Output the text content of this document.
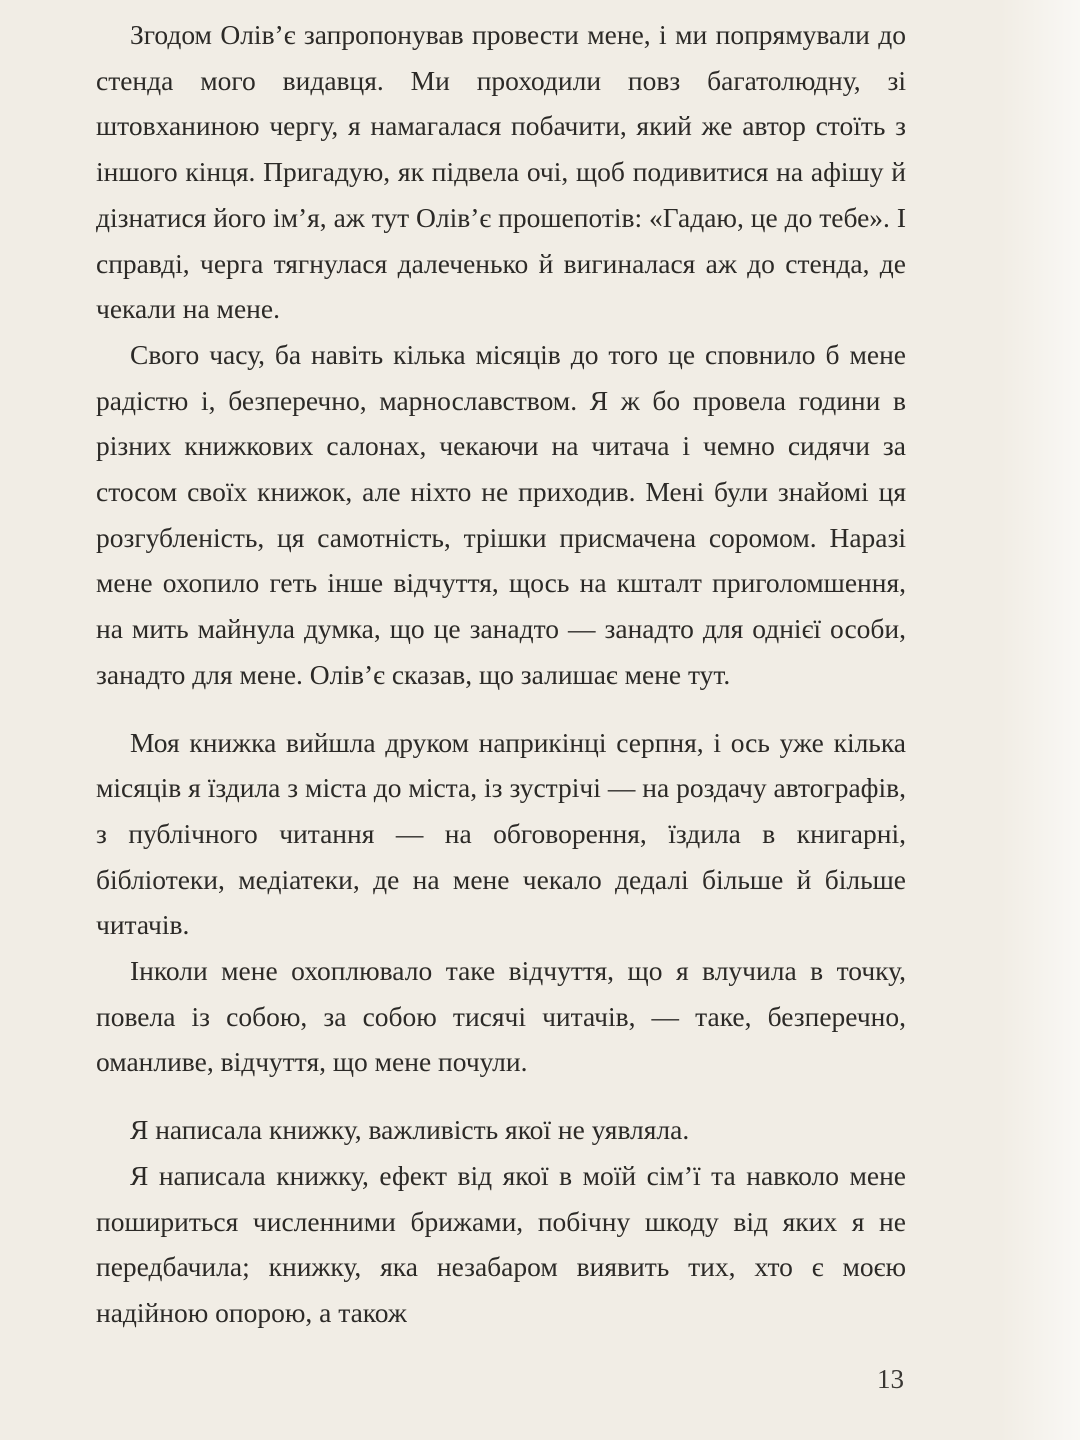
Згодом Олів’є запропонував провести мене, і ми попрямували до стенда мого видавця. Ми проходили повз багатолюдну, зі штовханиною чергу, я намагалася побачити, який же автор стоїть з іншого кінця. Пригадую, як підвела очі, щоб подивитися на афішу й дізнатися його ім’я, аж тут Олів’є прошепотів: «Гадаю, це до тебе». І справді, черга тягнулася далеченько й вигиналася аж до стенда, де чекали на мене.

Свого часу, ба навіть кілька місяців до того це сповнило б мене радістю і, безперечно, марнославством. Я ж бо провела години в різних книжкових салонах, чекаючи на читача і чемно сидячи за стосом своїх книжок, але ніхто не приходив. Мені були знайомі ця розгубленість, ця самотність, трішки присмачена соромом. Наразі мене охопило геть інше відчуття, щось на кшталт приголомшення, на мить майнула думка, що це занадто — занадто для однієї особи, занадто для мене. Олів’є сказав, що залишає мене тут.

Моя книжка вийшла друком наприкінці серпня, і ось уже кілька місяців я їздила з міста до міста, із зустрічі — на роздачу автографів, з публічного читання — на обговорення, їздила в книгарні, бібліотеки, медіатеки, де на мене чекало дедалі більше й більше читачів.

Інколи мене охоплювало таке відчуття, що я влучила в точку, повела із собою, за собою тисячі читачів, — таке, безперечно, оманливе, відчуття, що мене почули.

Я написала книжку, важливість якої не уявляла.

Я написала книжку, ефект від якої в моїй сім’ї та навколо мене пошириться численними брижами, побічну шкоду від яких я не передбачила; книжку, яка незабаром виявить тих, хто є моєю надійною опорою, а також

13
